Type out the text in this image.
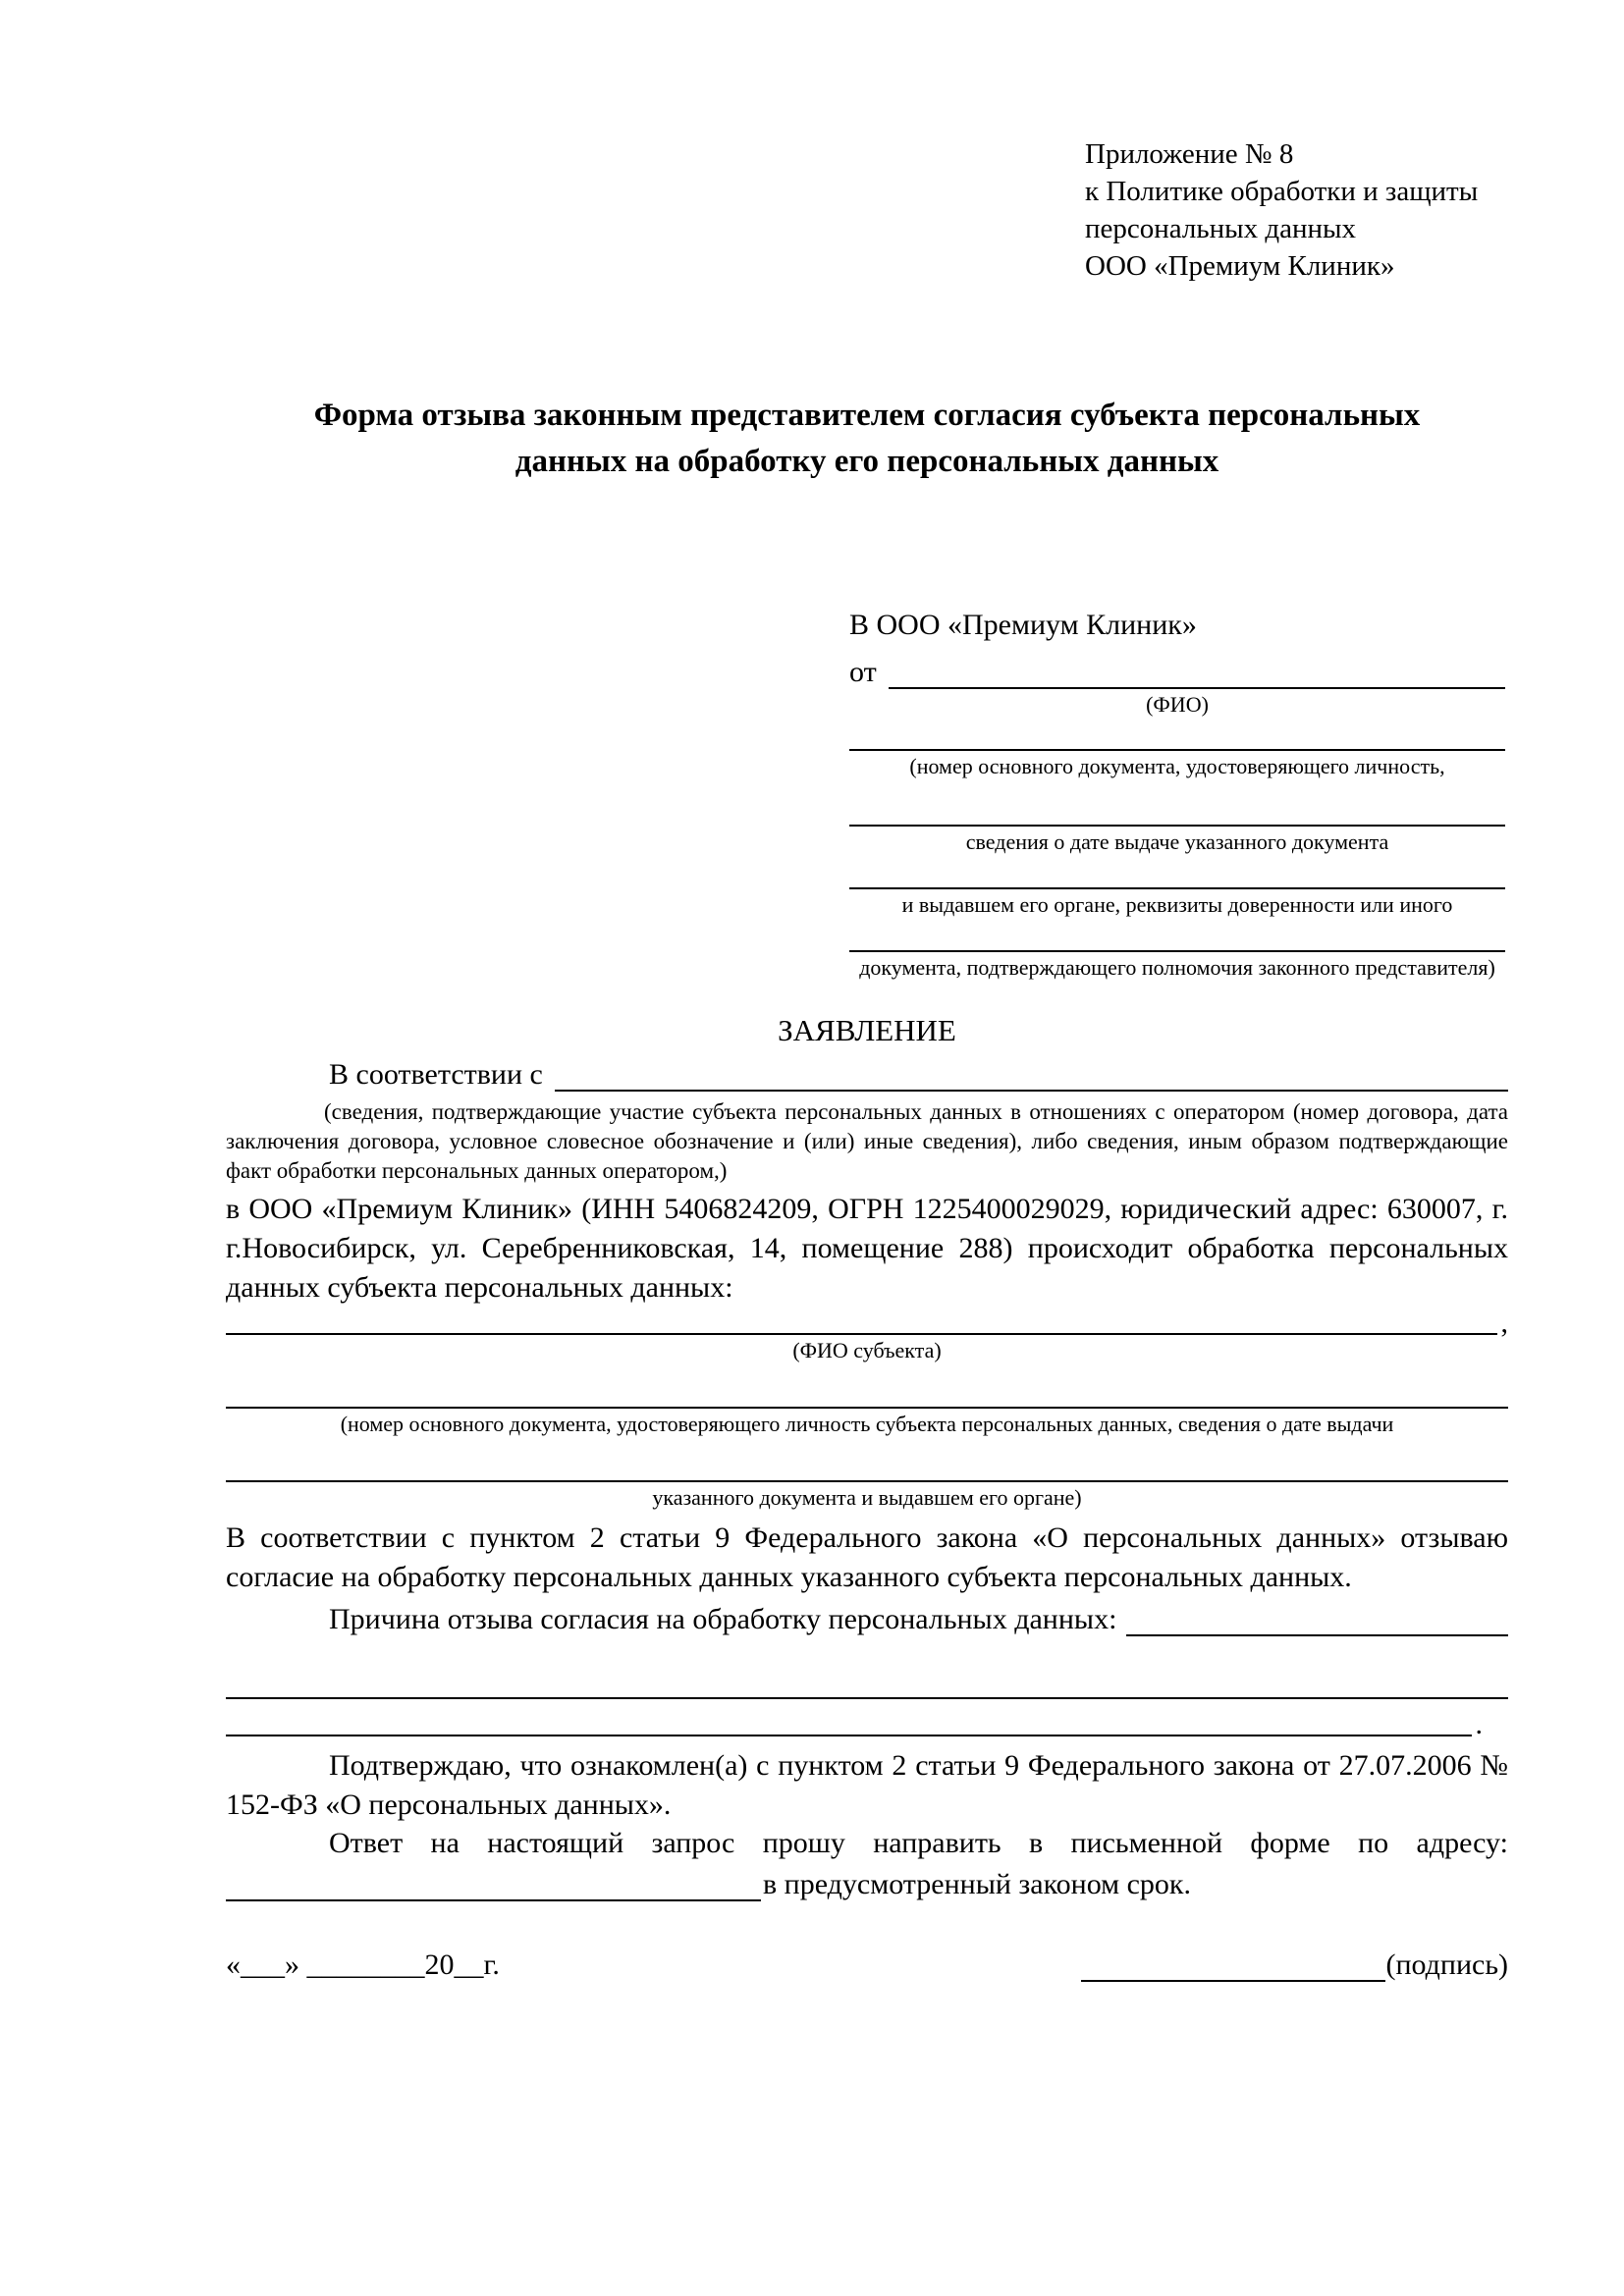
Приложение № 8
к Политике обработки и защиты
персональных данных
ООО «Премиум Клиник»
Форма отзыва законным представителем согласия субъекта персональных данных на обработку его персональных данных
В ООО «Премиум Клиник»
от
(ФИО)
(номер основного документа, удостоверяющего личность,
сведения о дате выдаче указанного документа
и выдавшем его органе, реквизиты доверенности или иного
документа, подтверждающего полномочия законного представителя)
ЗАЯВЛЕНИЕ
В соответствии с
(сведения, подтверждающие участие субъекта персональных данных в отношениях с оператором (номер договора, дата заключения договора, условное словесное обозначение и (или) иные сведения), либо сведения, иным образом подтверждающие факт обработки персональных данных оператором,)
в ООО «Премиум Клиник» (ИНН 5406824209, ОГРН 1225400029029, юридический адрес: 630007, г. г.Новосибирск, ул. Серебренниковская, 14, помещение 288) происходит обработка персональных данных субъекта персональных данных:
,
(ФИО субъекта)
(номер основного документа, удостоверяющего личность субъекта персональных данных, сведения о дате выдачи
указанного документа и выдавшем его органе)
В соответствии с пунктом 2 статьи 9 Федерального закона «О персональных данных» отзываю согласие на обработку персональных данных указанного субъекта персональных данных.
Причина отзыва согласия на обработку персональных данных:
.
Подтверждаю, что ознакомлен(а) с пунктом 2 статьи 9 Федерального закона от 27.07.2006 № 152-ФЗ «О персональных данных».
Ответ на настоящий запрос прошу направить в письменной форме по адресу:
в предусмотренный законом срок.
«___» ________20__г.	(подпись)
